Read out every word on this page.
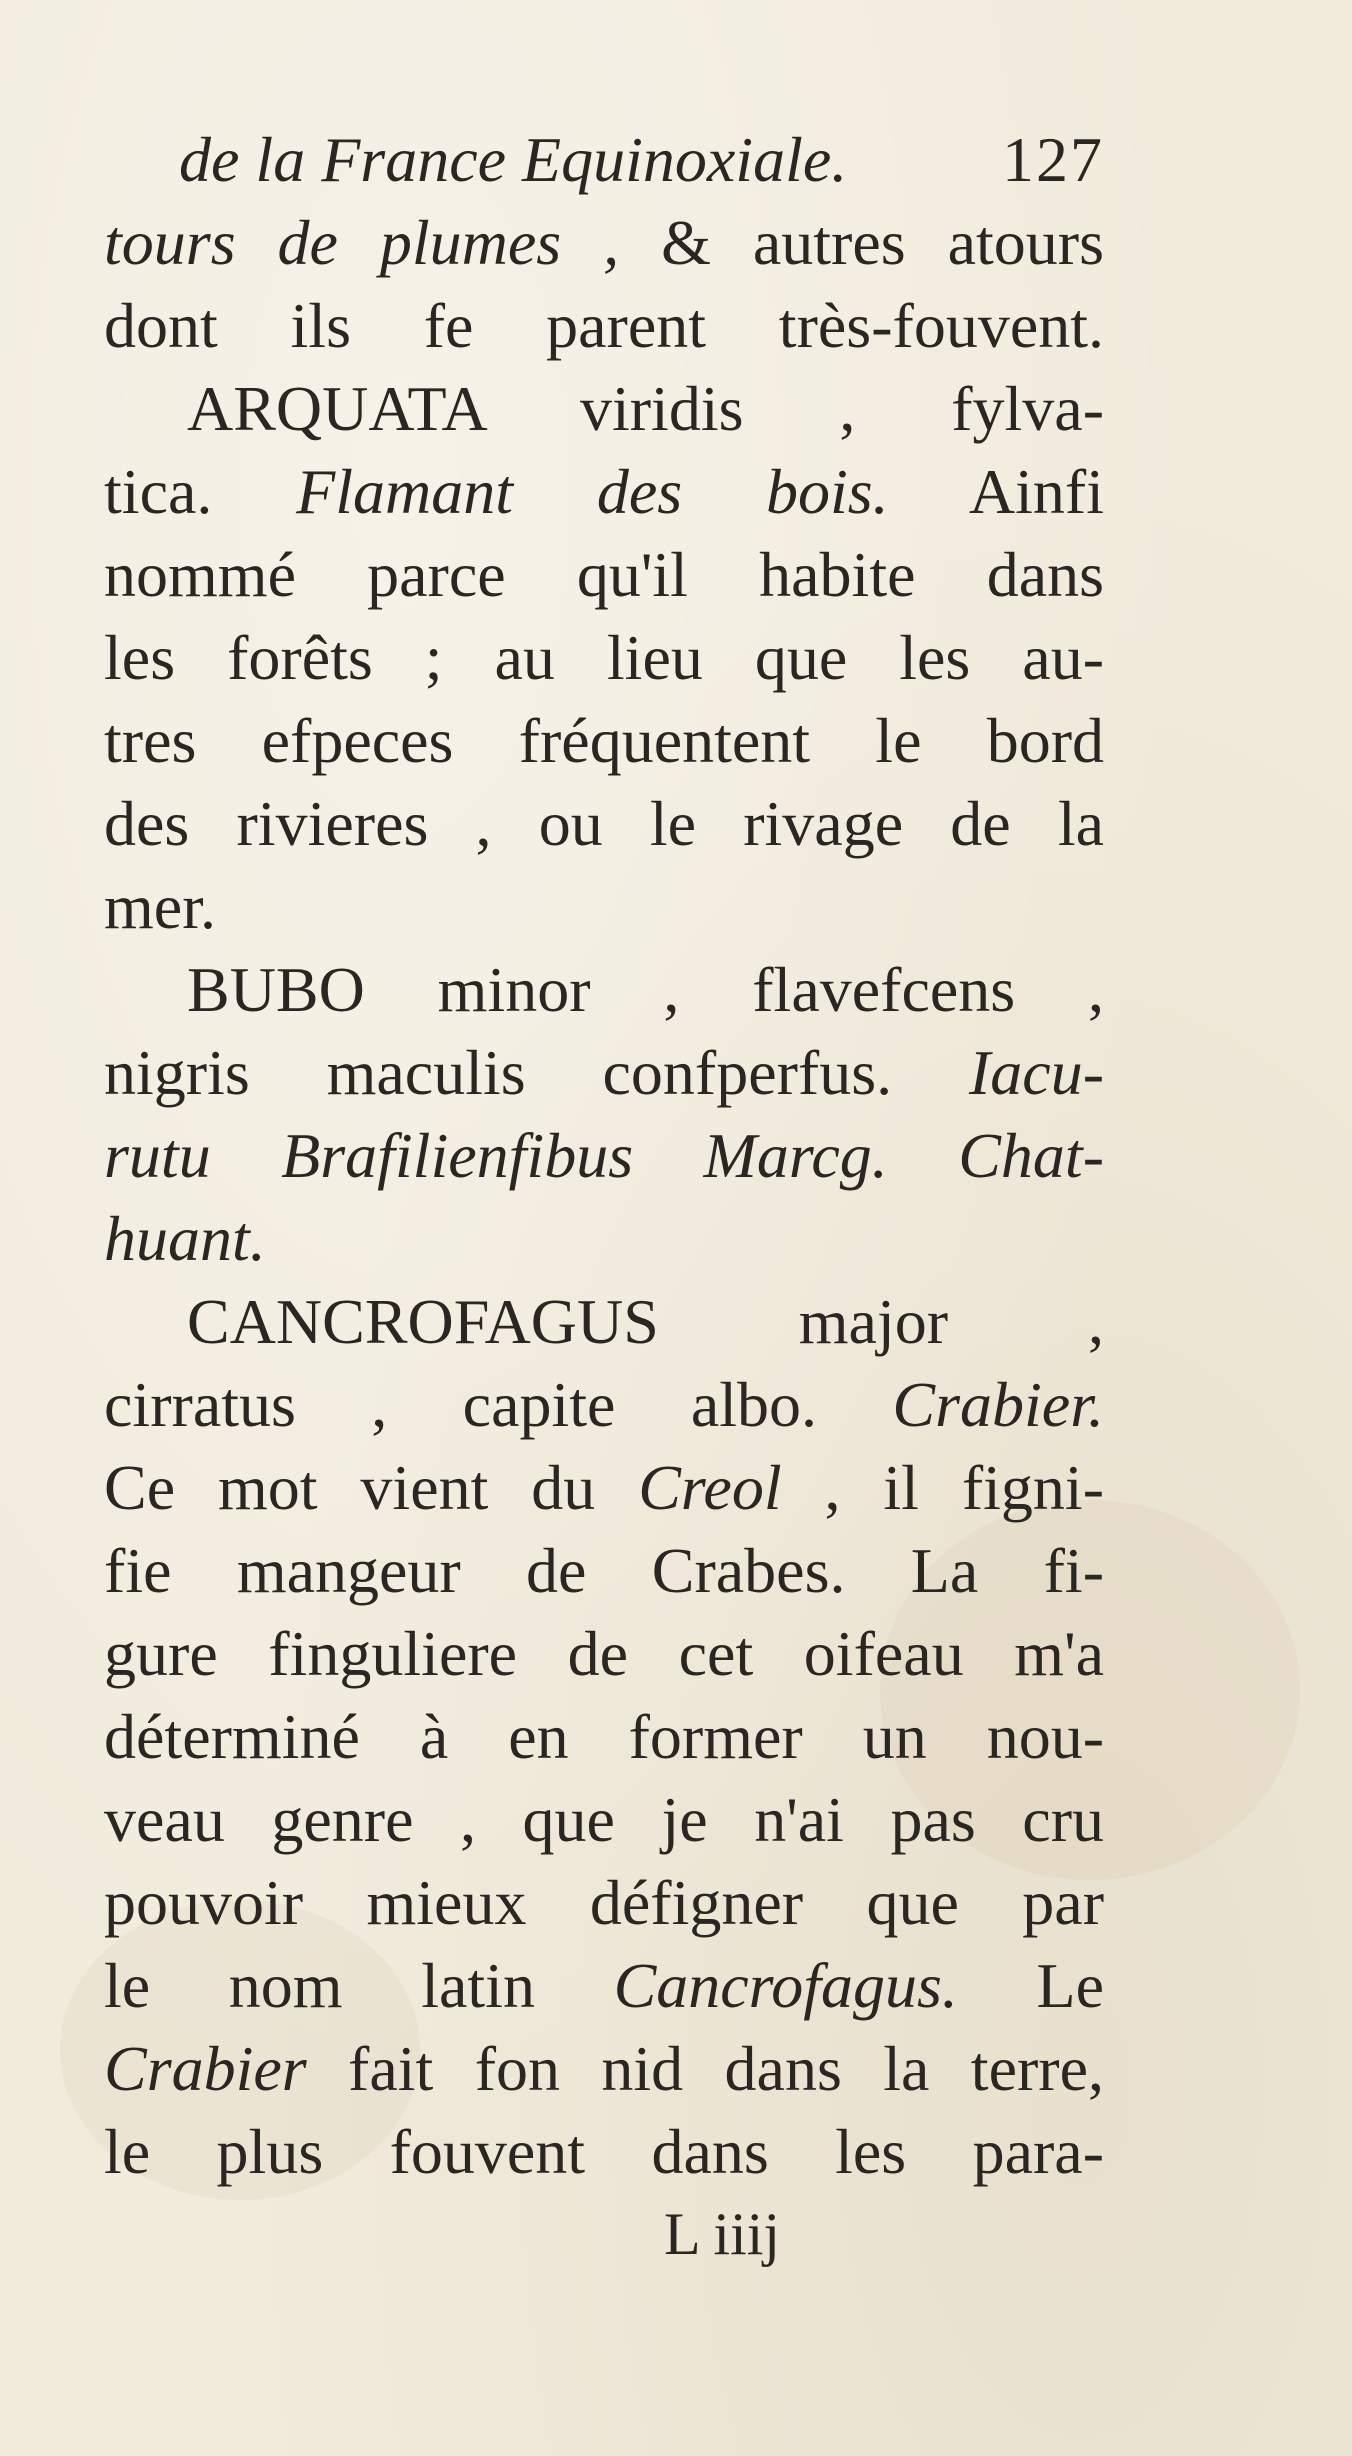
de la France Equinoxiale. 127
tours de plumes , & autres atours
dont ils fe parent très-fouvent.
ARQUATA viridis , fylva-
tica. Flamant des bois. Ainfi
nommé parce qu'il habite dans
les forêts ; au lieu que les au-
tres efpeces fréquentent le bord
des rivieres , ou le rivage de la
mer.
BUBO minor , flavefcens ,
nigris maculis confperfus. Iacu-
rutu Brafilienfibus Marcg. Chat-
huant.
CANCROFAGUS major ,
cirratus , capite albo. Crabier.
Ce mot vient du Creol , il figni-
fie mangeur de Crabes. La fi-
gure finguliere de cet oifeau m'a
déterminé à en former un nou-
veau genre , que je n'ai pas cru
pouvoir mieux défigner que par
le nom latin Cancrofagus. Le
Crabier fait fon nid dans la terre,
le plus fouvent dans les para-
L iiij
